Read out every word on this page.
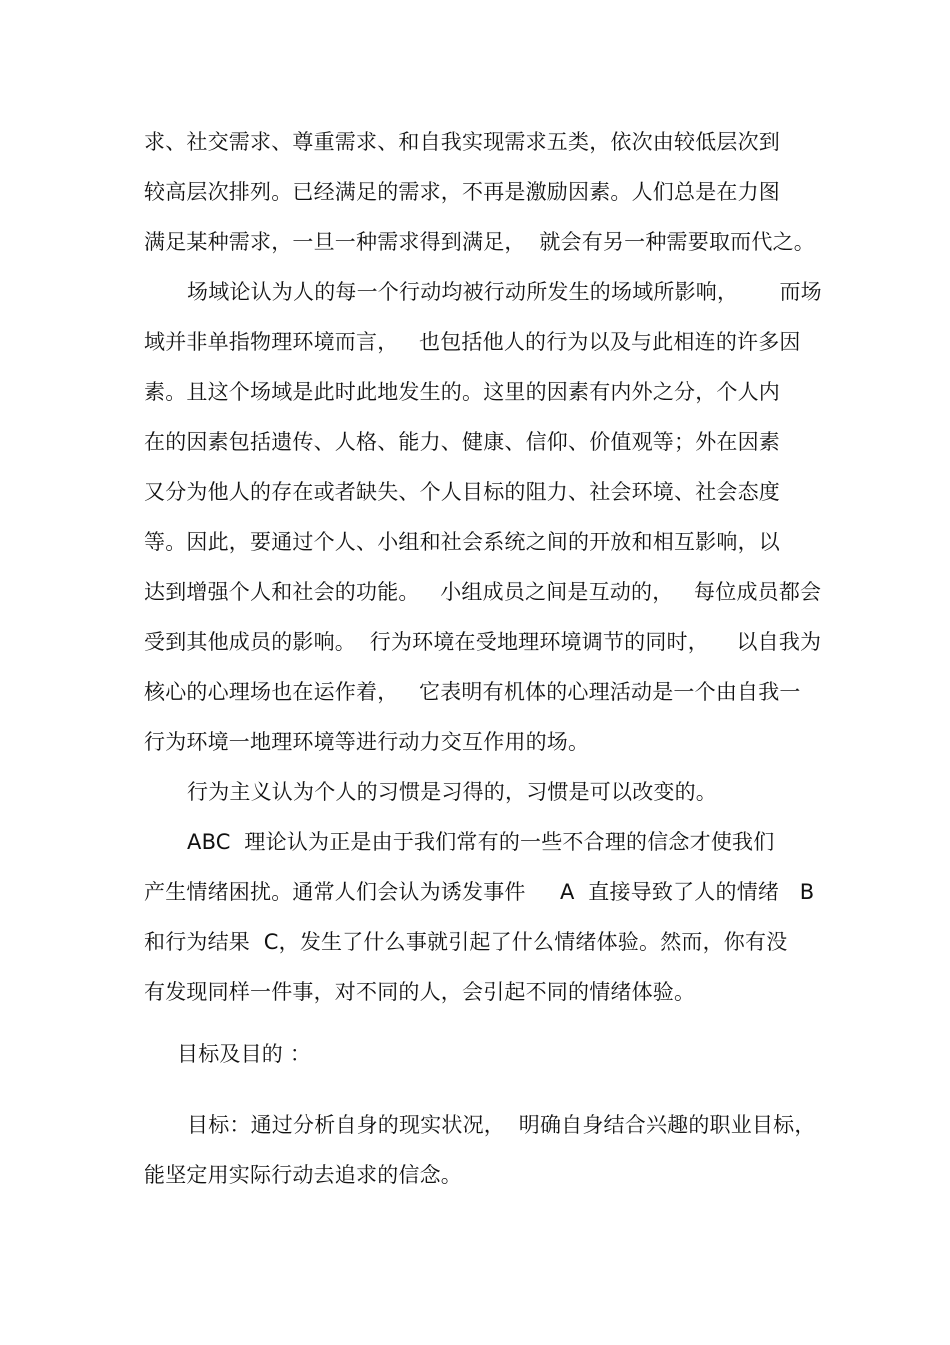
求、社交需求、尊重需求、和自我实现需求五类，依次由较低层次到
较高层次排列。已经满足的需求，不再是激励因素。人们总是在力图
满足某种需求，一旦一种需求得到满足，  就会有另一种需要取而代之。
场域论认为人的每一个行动均被行动所发生的场域所影响，      而场
域并非单指物理环境而言，   也包括他人的行为以及与此相连的许多因
素。且这个场域是此时此地发生的。这里的因素有内外之分，个人内
在的因素包括遗传、人格、能力、健康、信仰、价值观等；外在因素
又分为他人的存在或者缺失、个人目标的阻力、社会环境、社会态度
等。因此，要通过个人、小组和社会系统之间的开放和相互影响，以
达到增强个人和社会的功能。   小组成员之间是互动的，   每位成员都会
受到其他成员的影响。  行为环境在受地理环境调节的同时，    以自我为
核心的心理场也在运作着，   它表明有机体的心理活动是一个由自我一
行为环境一地理环境等进行动力交互作用的场。
行为主义认为个人的习惯是习得的，习惯是可以改变的。
ABC  理论认为正是由于我们常有的一些不合理的信念才使我们
产生情绪困扰。通常人们会认为诱发事件     A  直接导致了人的情绪   B
和行为结果  C，发生了什么事就引起了什么情绪体验。然而，你有没
有发现同样一件事，对不同的人，会引起不同的情绪体验。
目标及目的 ：
目标：通过分析自身的现实状况，  明确自身结合兴趣的职业目标，
能坚定用实际行动去追求的信念。
